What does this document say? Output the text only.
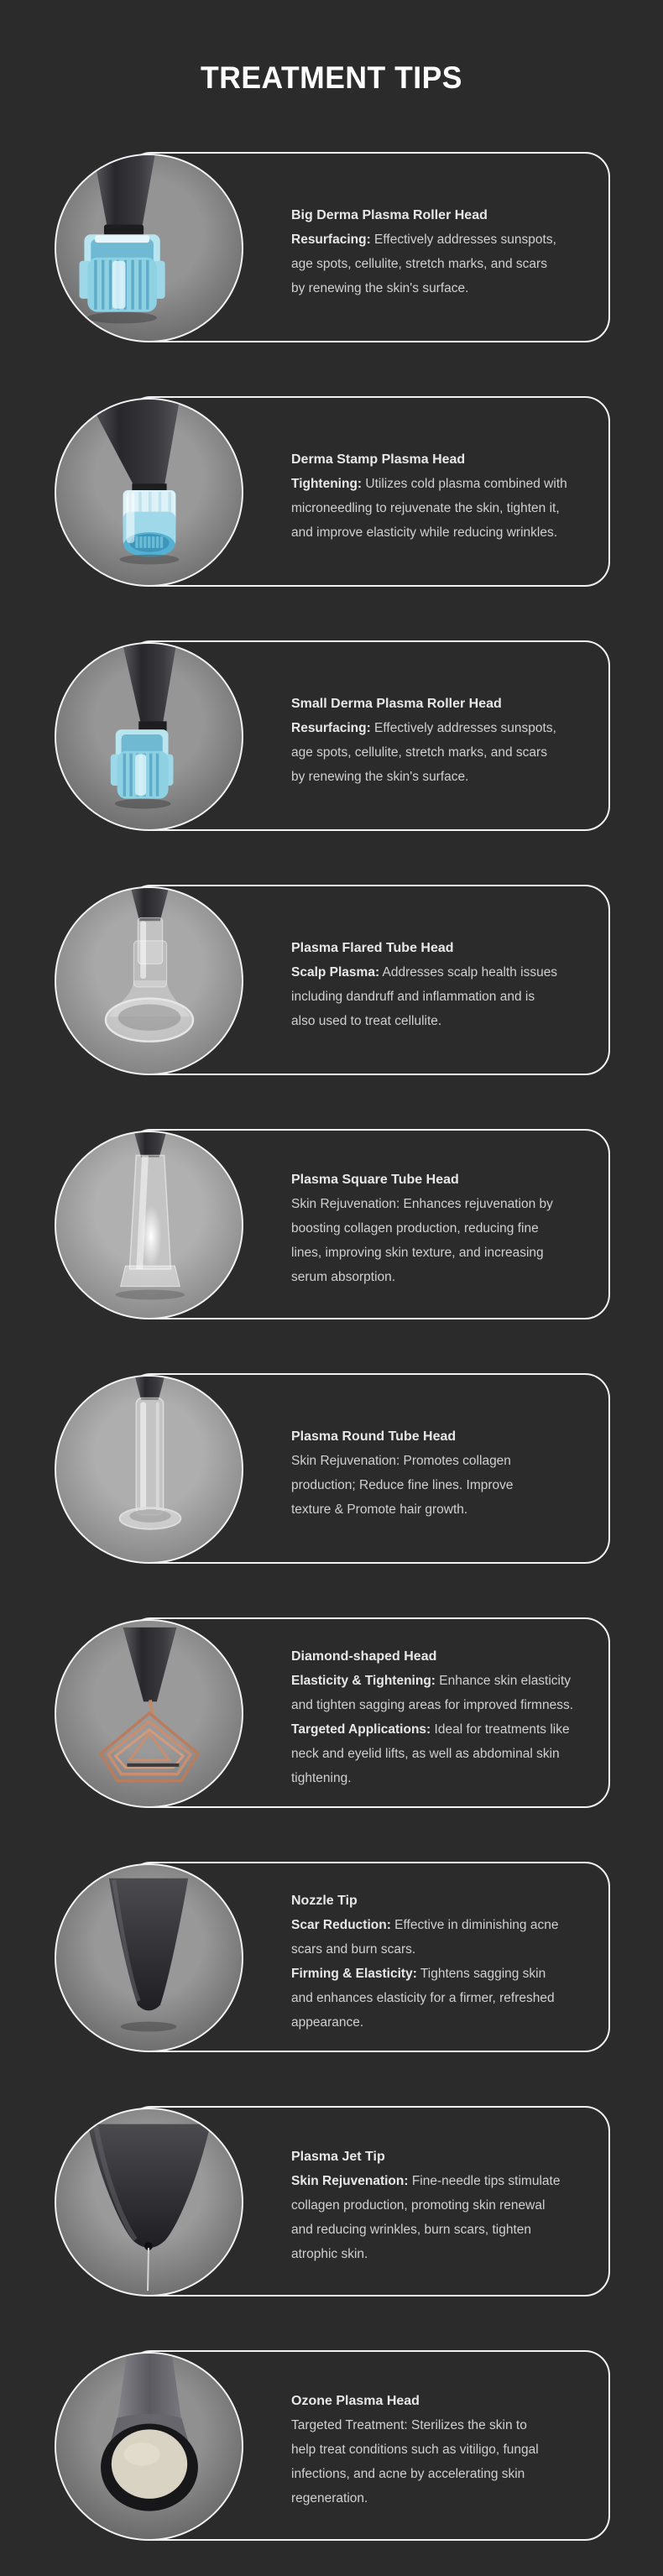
TREATMENT TIPS
Big Derma Plasma Roller Head
Resurfacing: Effectively addresses sunspots,
age spots, cellulite, stretch marks, and scars
by renewing the skin's surface.
Derma Stamp Plasma Head
Tightening: Utilizes cold plasma combined with
microneedling to rejuvenate the skin, tighten it,
and improve elasticity while reducing wrinkles.
Small Derma Plasma Roller Head
Resurfacing: Effectively addresses sunspots,
age spots, cellulite, stretch marks, and scars
by renewing the skin's surface.
Plasma Flared Tube Head
Scalp Plasma: Addresses scalp health issues
including dandruff and inflammation and is
also used to treat cellulite.
Plasma Square Tube Head
Skin Rejuvenation: Enhances rejuvenation by
boosting collagen production, reducing fine
lines, improving skin texture, and increasing
serum absorption.
Plasma Round Tube Head
Skin Rejuvenation: Promotes collagen
production; Reduce fine lines. Improve
texture & Promote hair growth.
Diamond-shaped Head
Elasticity & Tightening: Enhance skin elasticity
and tighten sagging areas for improved firmness.
Targeted Applications: Ideal for treatments like
neck and eyelid lifts, as well as abdominal skin
tightening.
Nozzle Tip
Scar Reduction: Effective in diminishing acne
scars and burn scars.
Firming & Elasticity: Tightens sagging skin
and enhances elasticity for a firmer, refreshed
appearance.
Plasma Jet Tip
Skin Rejuvenation: Fine-needle tips stimulate
collagen production, promoting skin renewal
and reducing wrinkles, burn scars, tighten
atrophic skin.
Ozone Plasma Head
Targeted Treatment: Sterilizes the skin to
help treat conditions such as vitiligo, fungal
infections, and acne by accelerating skin
regeneration.
